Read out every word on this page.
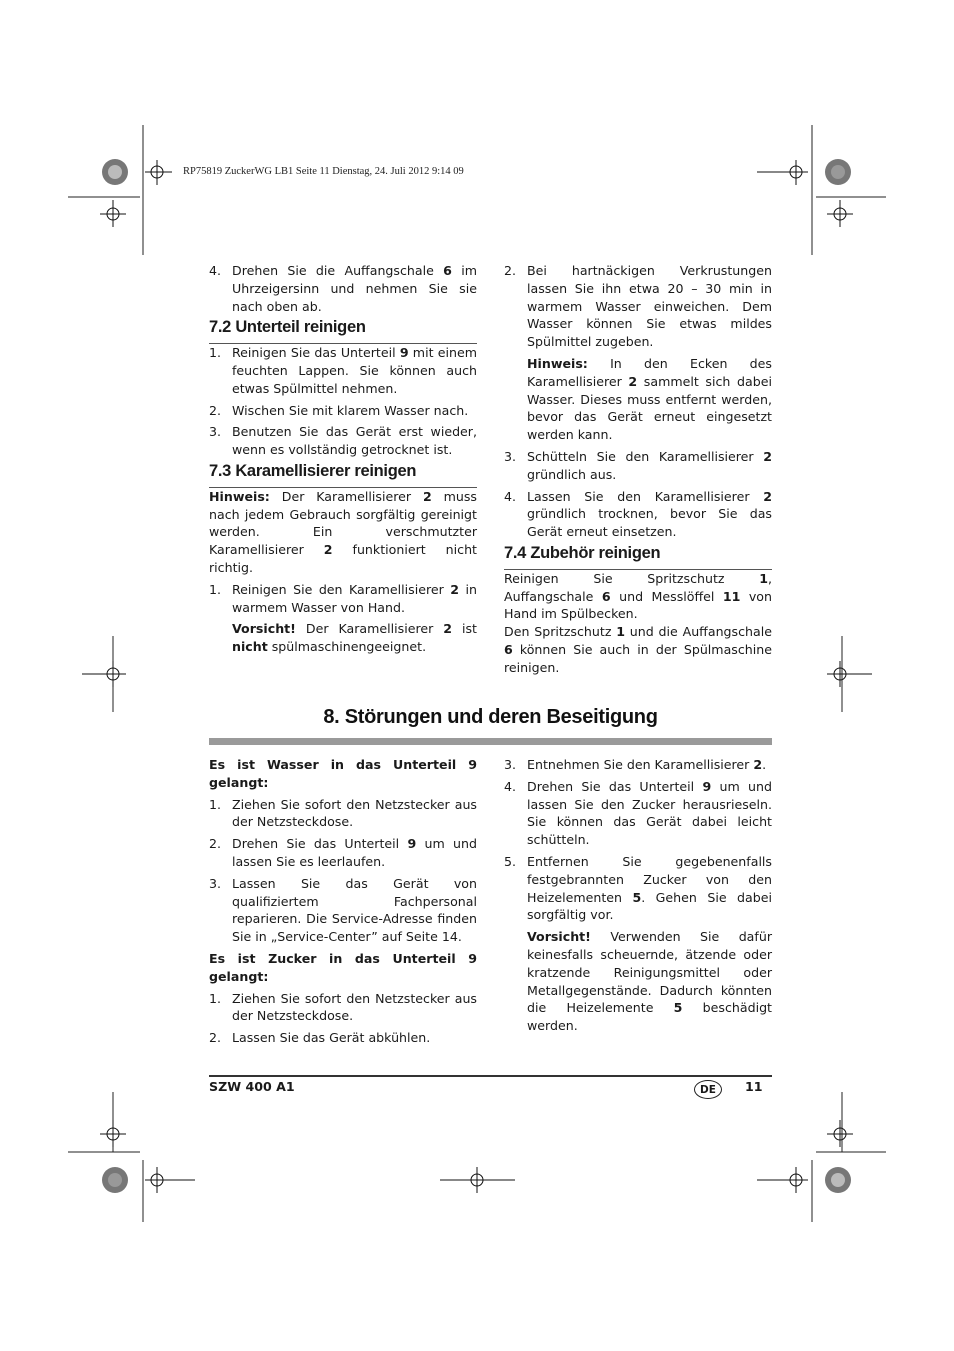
RP75819 ZuckerWG LB1 Seite 11 Dienstag, 24. Juli 2012 9:14 09
4. Drehen Sie die Auffangschale 6 im Uhrzeigersinn und nehmen Sie sie nach oben ab.
7.2 Unterteil reinigen
1. Reinigen Sie das Unterteil 9 mit einem feuchten Lappen. Sie können auch etwas Spülmittel nehmen.
2. Wischen Sie mit klarem Wasser nach.
3. Benutzen Sie das Gerät erst wieder, wenn es vollständig getrocknet ist.
7.3 Karamellisierer reinigen
Hinweis: Der Karamellisierer 2 muss nach jedem Gebrauch sorgfältig gereinigt werden. Ein verschmutzter Karamellisierer 2 funktioniert nicht richtig.
1. Reinigen Sie den Karamellisierer 2 in warmem Wasser von Hand.
Vorsicht! Der Karamellisierer 2 ist nicht spülmaschinengeeignet.
2. Bei hartnäckigen Verkrustungen lassen Sie ihn etwa 20 – 30 min in warmem Wasser einweichen. Dem Wasser können Sie etwas mildes Spülmittel zugeben.
Hinweis: In den Ecken des Karamellisierer 2 sammelt sich dabei Wasser. Dieses muss entfernt werden, bevor das Gerät erneut eingesetzt werden kann.
3. Schütteln Sie den Karamellisierer 2 gründlich aus.
4. Lassen Sie den Karamellisierer 2 gründlich trocknen, bevor Sie das Gerät erneut einsetzen.
7.4 Zubehör reinigen
Reinigen Sie Spritzschutz 1, Auffangschale 6 und Messlöffel 11 von Hand im Spülbecken.
Den Spritzschutz 1 und die Auffangschale 6 können Sie auch in der Spülmaschine reinigen.
8. Störungen und deren Beseitigung
Es ist Wasser in das Unterteil 9 gelangt:
1. Ziehen Sie sofort den Netzstecker aus der Netzsteckdose.
2. Drehen Sie das Unterteil 9 um und lassen Sie es leerlaufen.
3. Lassen Sie das Gerät von qualifiziertem Fachpersonal reparieren. Die Service-Adresse finden Sie in „Service-Center” auf Seite 14.
Es ist Zucker in das Unterteil 9 gelangt:
1. Ziehen Sie sofort den Netzstecker aus der Netzsteckdose.
2. Lassen Sie das Gerät abkühlen.
3. Entnehmen Sie den Karamellisierer 2.
4. Drehen Sie das Unterteil 9 um und lassen Sie den Zucker herausrieseln. Sie können das Gerät dabei leicht schütteln.
5. Entfernen Sie gegebenenfalls festgebrannten Zucker von den Heizelementen 5. Gehen Sie dabei sorgfältig vor.
Vorsicht! Verwenden Sie dafür keinesfalls scheuernde, ätzende oder kratzende Reinigungsmittel oder Metallgegenstände. Dadurch könnten die Heizelemente 5 beschädigt werden.
SZW 400 A1	DE	11
